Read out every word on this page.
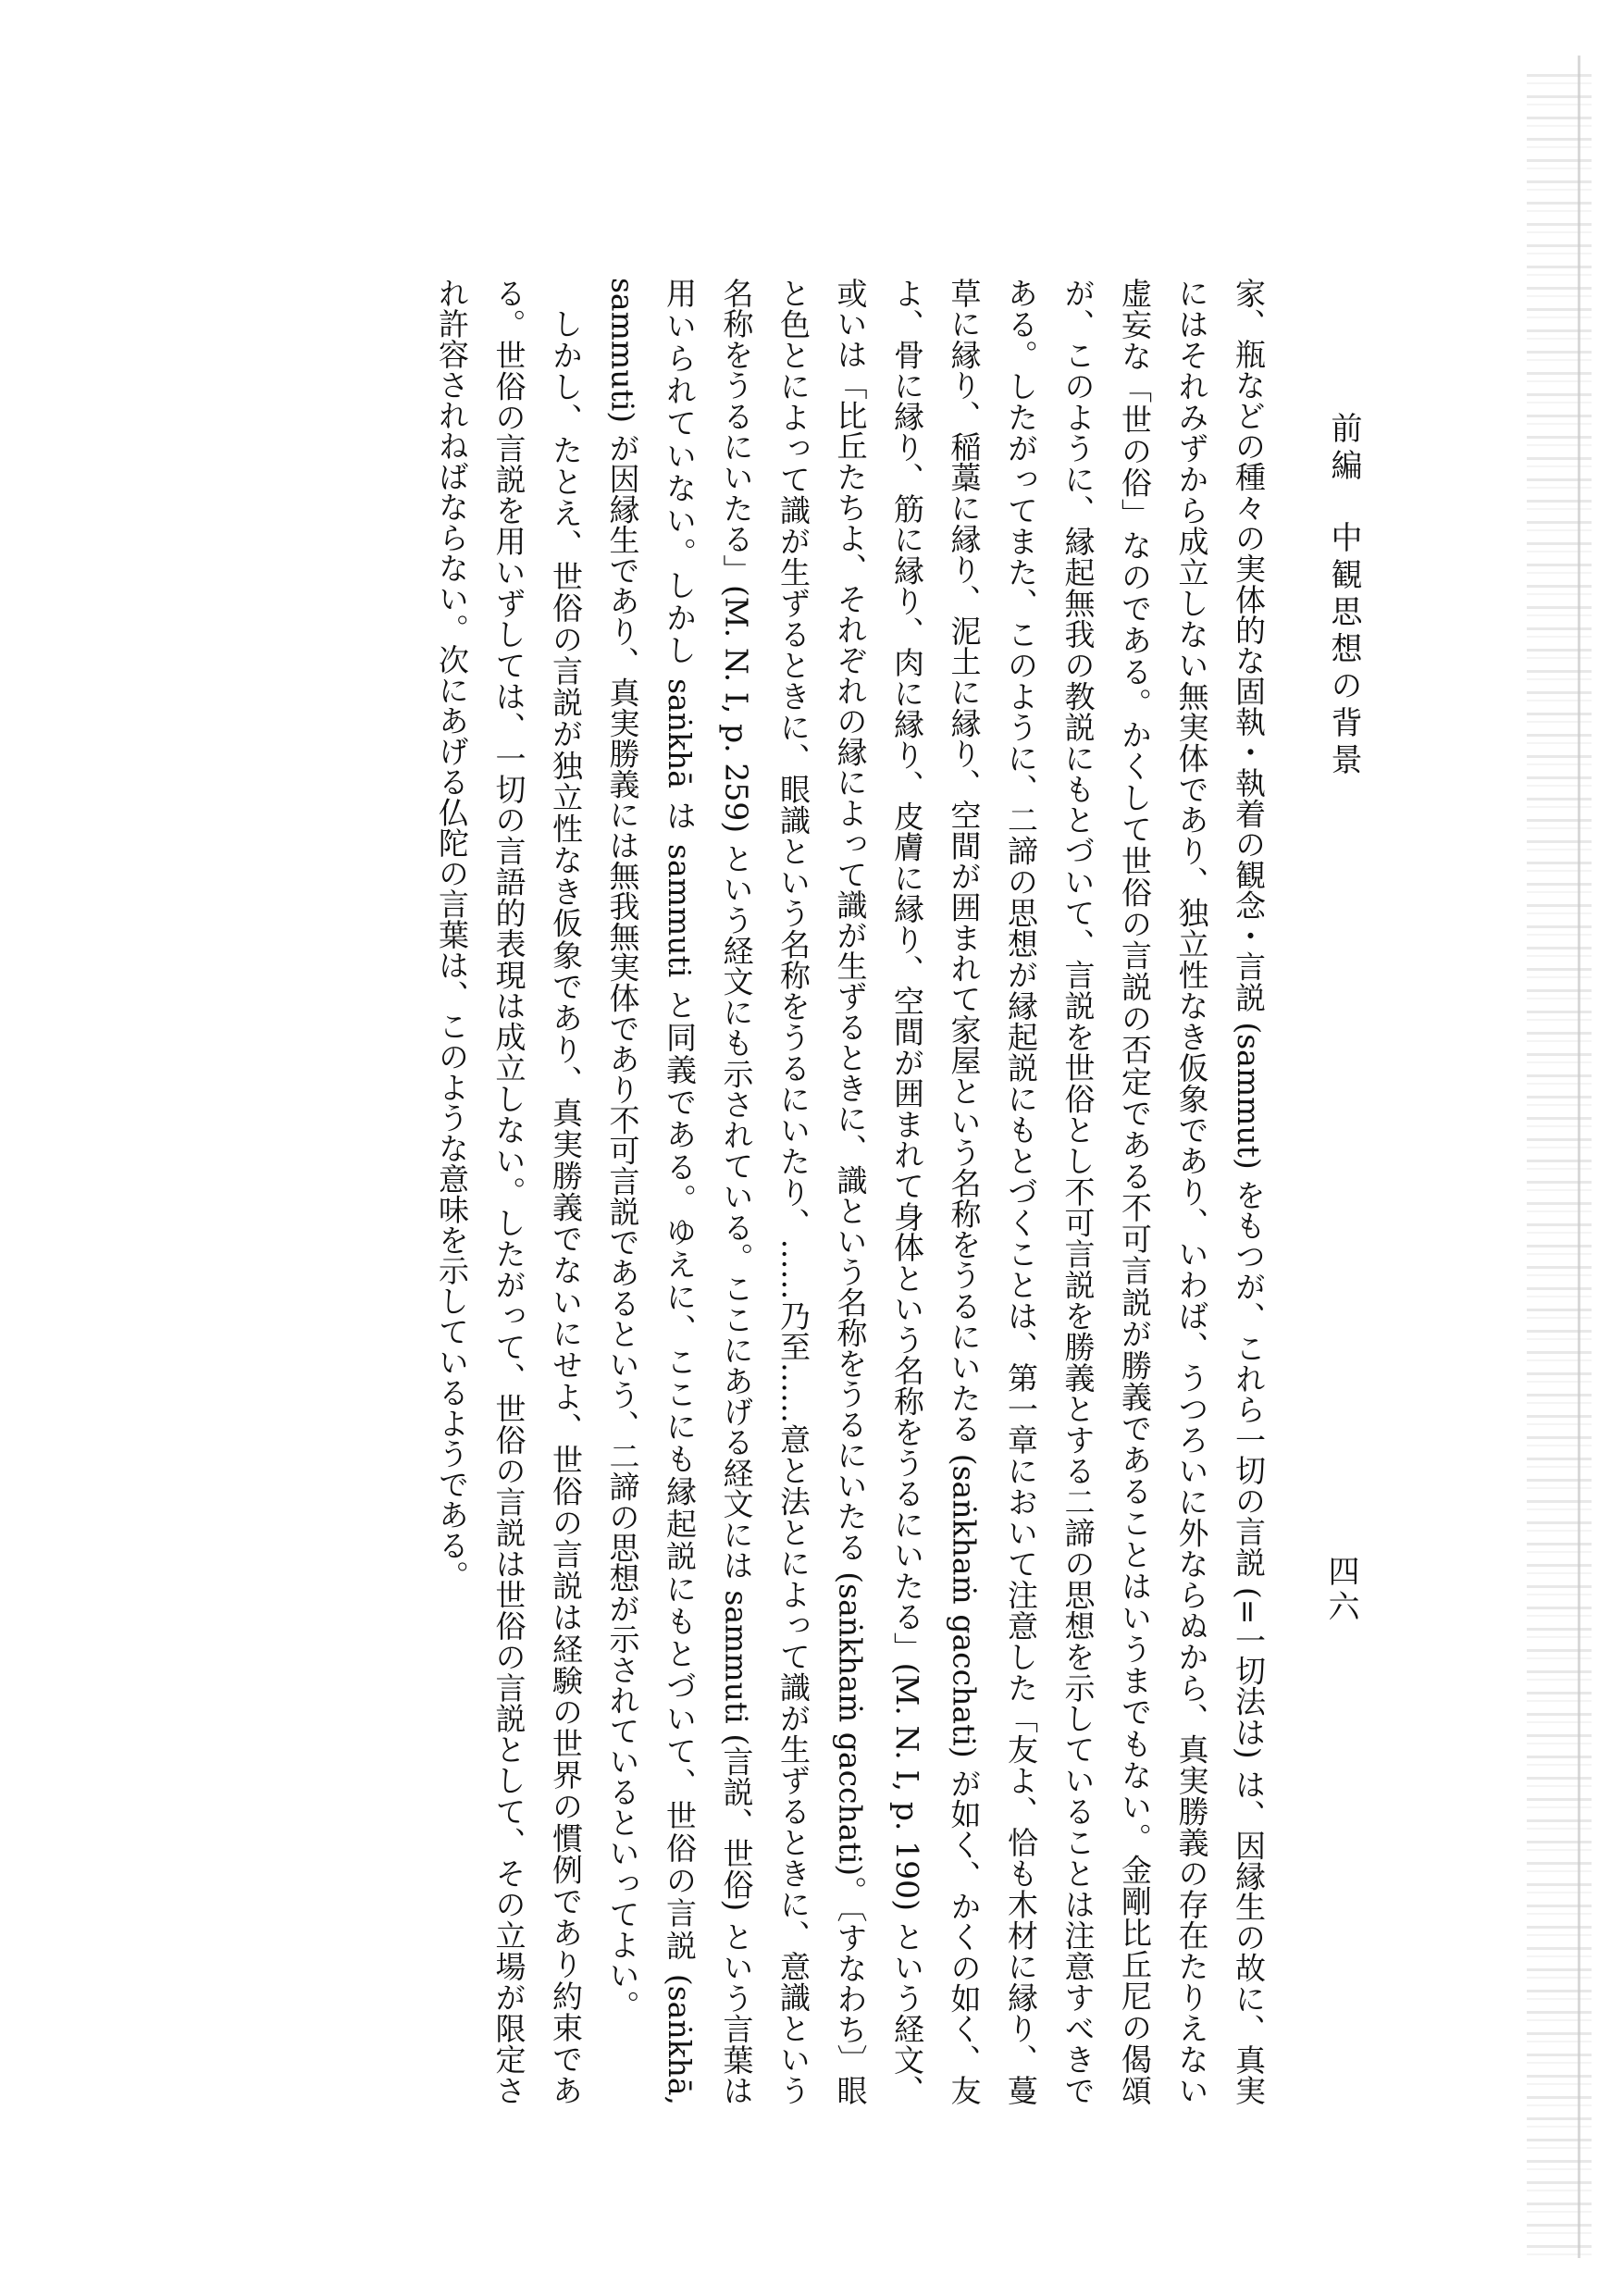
前編中観思想の背景
四六

家、瓶などの種々の実体的な固執・執着の観念・言説 (sammut) をもつが、これら一切の言説 (=一切法は) は、因縁生の故に、真実にはそれみずから成立しない無実体であり、独立性なき仮象であり、いわば、うつろいに外ならぬから、真実勝義の存在たりえない虚妄な「世の俗」なのである。かくして世俗の言説の否定である不可言説が勝義であることはいうまでもない。金剛比丘尼の偈頌が、このように、縁起無我の教説にもとづいて、言説を世俗とし不可言説を勝義とする二諦の思想を示していることは注意すべきである。したがってまた、このように、二諦の思想が縁起説にもとづくことは、第一章において注意した「友よ、恰も木材に縁り、蔓草に縁り、稲藁に縁り、泥土に縁り、空間が囲まれて家屋という名称をうるにいたる (saṅkhaṁ gacchati) が如く、かくの如く、友よ、骨に縁り、筋に縁り、肉に縁り、皮膚に縁り、空間が囲まれて身体という名称をうるにいたる」(M. N. I, p. 190) という経文、或いは「比丘たちよ、それぞれの縁によって識が生ずるときに、識という名称をうるにいたる (saṅkhaṁ gacchati)。〔すなわち〕眼と色とによって識が生ずるときに、眼識という名称をうるにいたり、……乃至……意と法とによって識が生ずるときに、意識という名称をうるにいたる」(M. N. I, p. 259) という経文にも示されている。ここにあげる経文には sammuti (言説、世俗) という言葉は用いられていない。しかし saṅkhā は sammuti と同義である。ゆえに、ここにも縁起説にもとづいて、世俗の言説 (saṅkhā, sammuti) が因縁生であり、真実勝義には無我無実体であり不可言説であるという、二諦の思想が示されているといってよい。

しかし、たとえ、世俗の言説が独立性なき仮象であり、真実勝義でないにせよ、世俗の言説は経験の世界の慣例であり約束である。世俗の言説を用いずしては、一切の言語的表現は成立しない。したがって、世俗の言説は世俗の言説として、その立場が限定され許容されねばならない。次にあげる仏陀の言葉は、このような意味を示しているようである。
